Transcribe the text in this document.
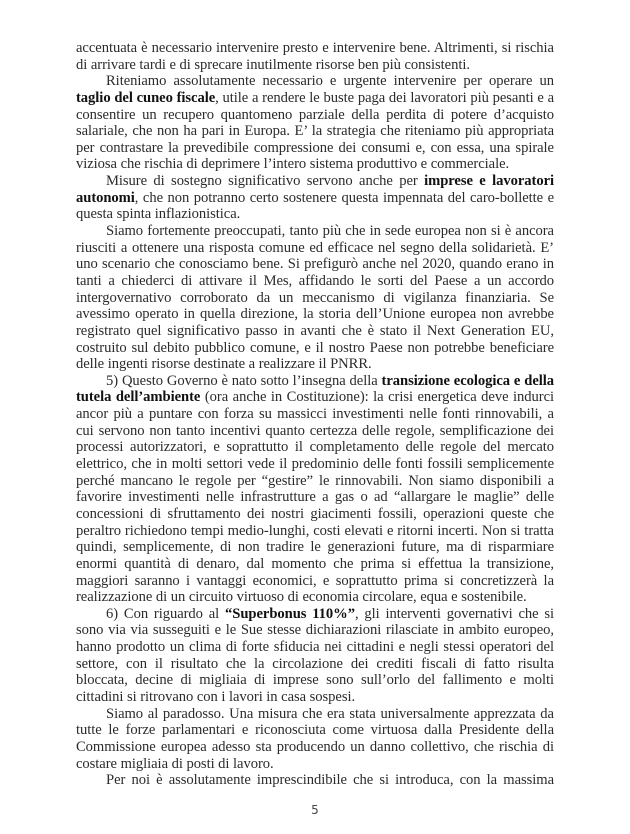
accentuata è necessario intervenire presto e intervenire bene. Altrimenti, si rischia di arrivare tardi e di sprecare inutilmente risorse ben più consistenti.

Riteniamo assolutamente necessario e urgente intervenire per operare un taglio del cuneo fiscale, utile a rendere le buste paga dei lavoratori più pesanti e a consentire un recupero quantomeno parziale della perdita di potere d’acquisto salariale, che non ha pari in Europa. E’ la strategia che riteniamo più appropriata per contrastare la prevedibile compressione dei consumi e, con essa, una spirale viziosa che rischia di deprimere l’intero sistema produttivo e commerciale.

Misure di sostegno significativo servono anche per imprese e lavoratori autonomi, che non potranno certo sostenere questa impennata del caro-bollette e questa spinta inflazionistica.

Siamo fortemente preoccupati, tanto più che in sede europea non si è ancora riusciti a ottenere una risposta comune ed efficace nel segno della solidarietà. E’ uno scenario che conosciamo bene. Si prefigurò anche nel 2020, quando erano in tanti a chiederci di attivare il Mes, affidando le sorti del Paese a un accordo intergovernativo corroborato da un meccanismo di vigilanza finanziaria. Se avessimo operato in quella direzione, la storia dell’Unione europea non avrebbe registrato quel significativo passo in avanti che è stato il Next Generation EU, costruito sul debito pubblico comune, e il nostro Paese non potrebbe beneficiare delle ingenti risorse destinate a realizzare il PNRR.

5) Questo Governo è nato sotto l’insegna della transizione ecologica e della tutela dell’ambiente (ora anche in Costituzione): la crisi energetica deve indurci ancor più a puntare con forza su massicci investimenti nelle fonti rinnovabili, a cui servono non tanto incentivi quanto certezza delle regole, semplificazione dei processi autorizzatori, e soprattutto il completamento delle regole del mercato elettrico, che in molti settori vede il predominio delle fonti fossili semplicemente perché mancano le regole per “gestire” le rinnovabili. Non siamo disponibili a favorire investimenti nelle infrastrutture a gas o ad “allargare le maglie” delle concessioni di sfruttamento dei nostri giacimenti fossili, operazioni queste che peraltro richiedono tempi medio-lunghi, costi elevati e ritorni incerti. Non si tratta quindi, semplicemente, di non tradire le generazioni future, ma di risparmiare enormi quantità di denaro, dal momento che prima si effettua la transizione, maggiori saranno i vantaggi economici, e soprattutto prima si concretizzerà la realizzazione di un circuito virtuoso di economia circolare, equa e sostenibile.

6) Con riguardo al “Superbonus 110%”, gli interventi governativi che si sono via via susseguiti e le Sue stesse dichiarazioni rilasciate in ambito europeo, hanno prodotto un clima di forte sfiducia nei cittadini e negli stessi operatori del settore, con il risultato che la circolazione dei crediti fiscali di fatto risulta bloccata, decine di migliaia di imprese sono sull’orlo del fallimento e molti cittadini si ritrovano con i lavori in casa sospesi.

Siamo al paradosso. Una misura che era stata universalmente apprezzata da tutte le forze parlamentari e riconosciuta come virtuosa dalla Presidente della Commissione europea adesso sta producendo un danno collettivo, che rischia di costare migliaia di posti di lavoro.

Per noi è assolutamente imprescindibile che si introduca, con la massima

5
